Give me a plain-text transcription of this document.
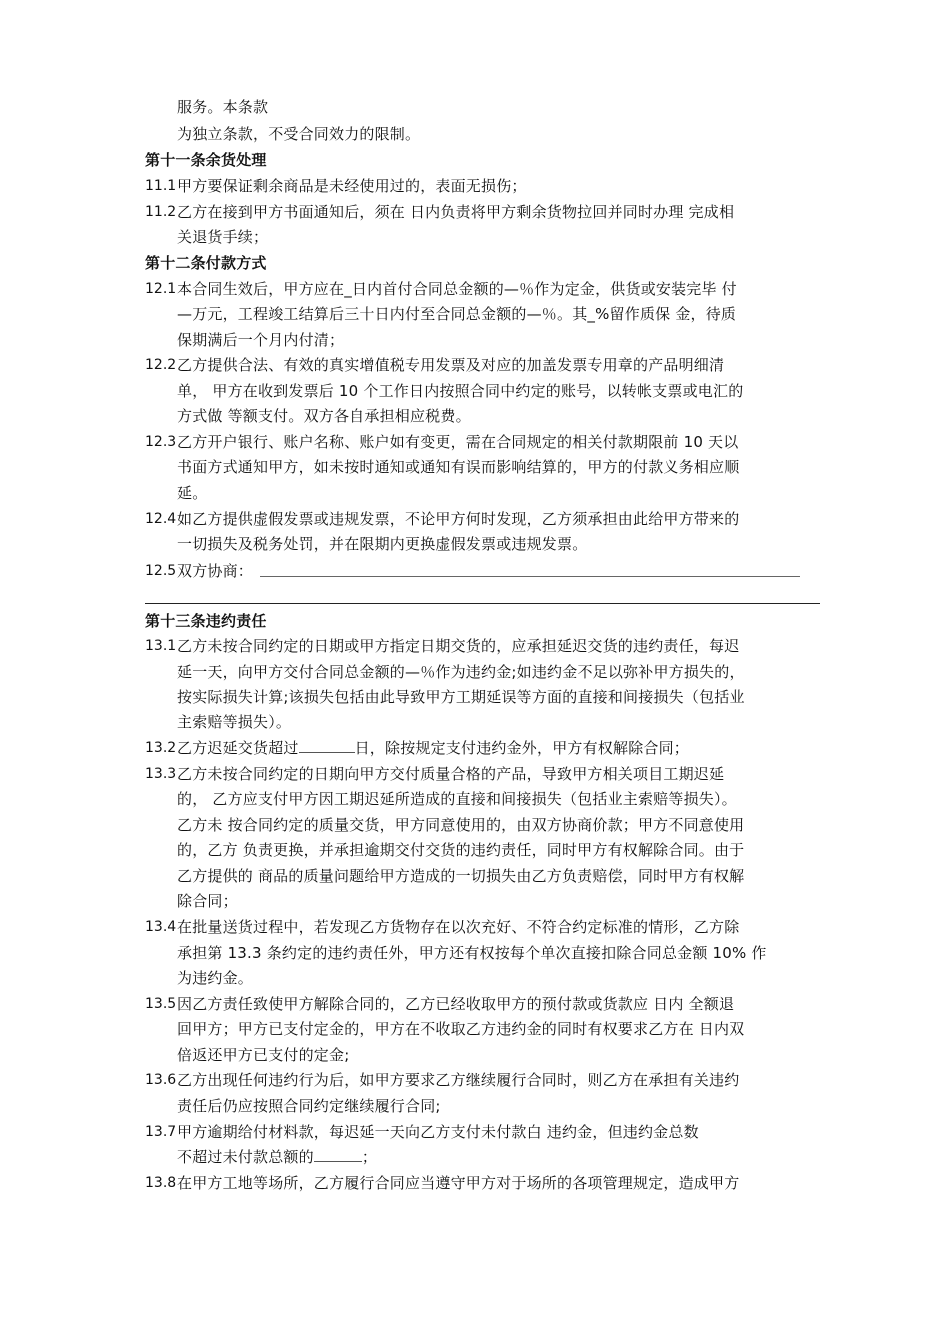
服务。本条款
为独立条款，不受合同效力的限制。
第十一条余货处理
11.1 甲方要保证剩余商品是未经使用过的，表面无损伤；
11.2 乙方在接到甲方书面通知后，须在 日内负责将甲方剩余货物拉回并同时办理 完成相
关退货手续；
第十二条付款方式
12.1 本合同生效后，甲方应在_日内首付合同总金额的—％作为定金，供货或安装完毕 付
—万元，工程竣工结算后三十日内付至合同总金额的—％。其_%留作质保 金，待质
保期满后一个月内付清；
12.2 乙方提供合法、有效的真实增值税专用发票及对应的加盖发票专用章的产品明细清
单， 甲方在收到发票后 10 个工作日内按照合同中约定的账号，以转帐支票或电汇的
方式做 等额支付。双方各自承担相应税费。
12.3 乙方开户银行、账户名称、账户如有变更，需在合同规定的相关付款期限前 10 天以
书面方式通知甲方，如未按时通知或通知有误而影响结算的，甲方的付款义务相应顺
延。
12.4 如乙方提供虚假发票或违规发票，不论甲方何时发现，乙方须承担由此给甲方带来的
一切损失及税务处罚，并在限期内更换虚假发票或违规发票。
12.5 双方协商：
第十三条违约责任
13.1 乙方未按合同约定的日期或甲方指定日期交货的，应承担延迟交货的违约责任，每迟
延一天，向甲方交付合同总金额的—％作为违约金;如违约金不足以弥补甲方损失的，
按实际损失计算;该损失包括由此导致甲方工期延误等方面的直接和间接损失（包括业
主索赔等损失）。
13.2 乙方迟延交货超过	日，除按规定支付违约金外，甲方有权解除合同；
13.3 乙方未按合同约定的日期向甲方交付质量合格的产品，导致甲方相关项目工期迟延
的， 乙方应支付甲方因工期迟延所造成的直接和间接损失（包括业主索赔等损失）。
乙方未 按合同约定的质量交货，甲方同意使用的，由双方协商价款；甲方不同意使用
的，乙方 负责更换，并承担逾期交付交货的违约责任，同时甲方有权解除合同。由于
乙方提供的 商品的质量问题给甲方造成的一切损失由乙方负责赔偿，同时甲方有权解
除合同；
13.4 在批量送货过程中，若发现乙方货物存在以次充好、不符合约定标准的情形，乙方除
承担第 13.3 条约定的违约责任外，甲方还有权按每个单次直接扣除合同总金额 10% 作
为违约金。
13.5 因乙方责任致使甲方解除合同的，乙方已经收取甲方的预付款或货款应 日内 全额退
回甲方；甲方已支付定金的，甲方在不收取乙方违约金的同时有权要求乙方在 日内双
倍返还甲方已支付的定金;
13.6 乙方出现任何违约行为后，如甲方要求乙方继续履行合同时，则乙方在承担有关违约
责任后仍应按照合同约定继续履行合同;
13.7 甲方逾期给付材料款，每迟延一天向乙方支付未付款白 违约金，但违约金总数
不超过未付款总额的	；
13.8 在甲方工地等场所，乙方履行合同应当遵守甲方对于场所的各项管理规定，造成甲方
